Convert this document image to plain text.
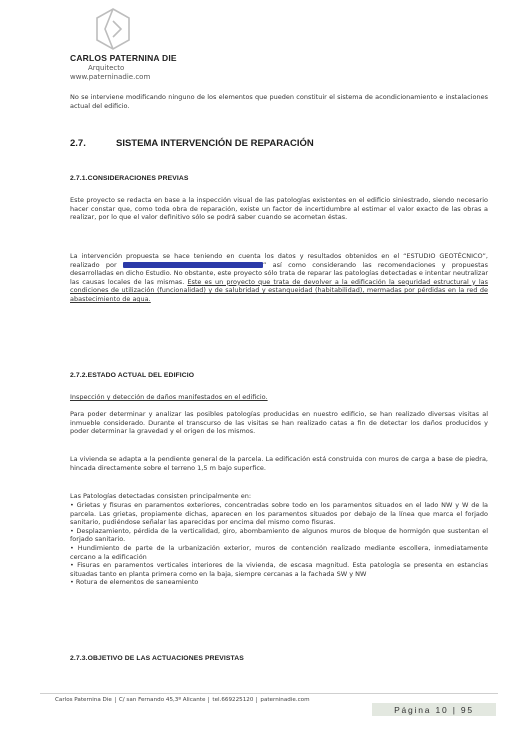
CARLOS PATERNINA DIE
Arquitecto
www.paterninadie.com
No se interviene modificando ninguno de los elementos que pueden constituir el sistema de acondicionamiento e instalaciones actual del edificio.
2.7.	SISTEMA INTERVENCIÓN DE REPARACIÓN
2.7.1.CONSIDERACIONES PREVIAS
Este proyecto se redacta en base a la inspección visual de las patologías existentes en el edificio siniestrado, siendo necesario hacer constar que, como toda obra de reparación, existe un factor de incertidumbre al estimar el valor exacto de las obras a realizar, por lo que el valor definitivo sólo se podrá saber cuando se acometan éstas.
La intervención propuesta se hace teniendo en cuenta los datos y resultados obtenidos en el “ESTUDIO GEOTÉCNICO”, realizado por	” así como considerando las recomendaciones y propuestas desarrolladas en dicho Estudio. No obstante, este proyecto sólo trata de reparar las patologías detectadas e intentar neutralizar las causas locales de las mismas. Este es un proyecto que trata de devolver a la edificación la seguridad estructural y las condiciones de utilización (funcionalidad) y de salubridad y estanqueidad (habitabilidad), mermadas por pérdidas en la red de abastecimiento de agua.
2.7.2.ESTADO ACTUAL DEL EDIFICIO
Inspección y detección de daños manifestados en el edificio.
Para poder determinar y analizar las posibles patologías producidas en nuestro edificio, se han realizado diversas visitas al inmueble considerado. Durante el transcurso de las visitas se han realizado catas a fin de detectar los daños producidos y poder determinar la gravedad y el origen de los mismos.
La vivienda se adapta a la pendiente general de la parcela. La edificación está construida con muros de carga a base de piedra, hincada directamente sobre el terreno 1,5 m bajo superfice.
Las Patologías detectadas consisten principalmente en:
• Grietas y fisuras en paramentos exteriores, concentradas sobre todo en los paramentos situados en el lado NW y W de la parcela. Las grietas, propiamente dichas, aparecen en los paramentos situados por debajo de la línea que marca el forjado sanitario, pudiéndose señalar las aparecidas por encima del mismo como fisuras.
• Desplazamiento, pérdida de la verticalidad, giro, abombamiento de algunos muros de bloque de hormigón que sustentan el forjado sanitario.
• Hundimiento de parte de la urbanización exterior, muros de contención realizado mediante escollera, inmediatamente cercano a la edificación
• Fisuras en paramentos verticales interiores de la vivienda, de escasa magnitud. Esta patología se presenta en estancias situadas tanto en planta primera como en la baja, siempre cercanas a la fachada SW y NW
• Rotura de elementos de saneamiento
2.7.3.OBJETIVO DE LAS ACTUACIONES PREVISTAS
Carlos Paternina Die C/ san Fernando 45,3º Alicante tel.669225120 paterninadie.com
Página 10 | 95
